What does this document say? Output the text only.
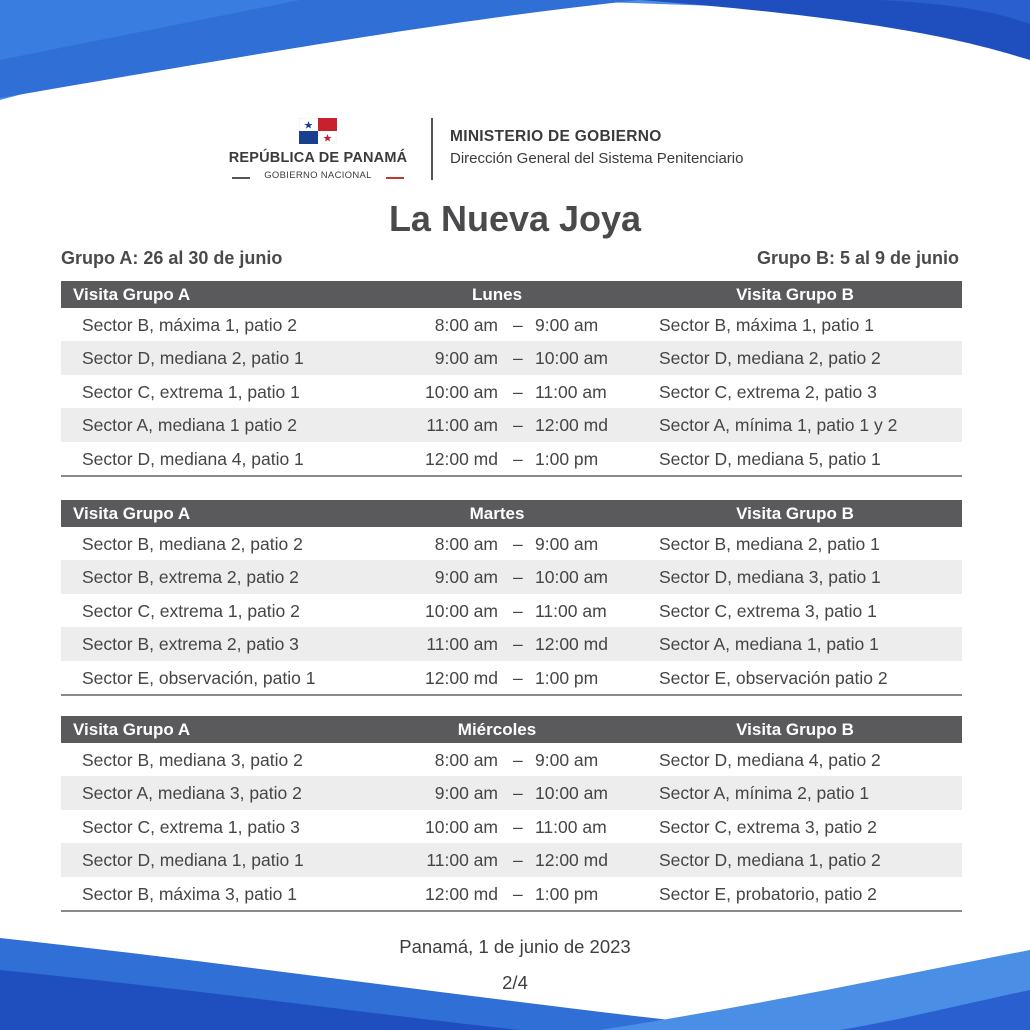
REPÚBLICA DE PANAMÁ
GOBIERNO NACIONAL
MINISTERIO DE GOBIERNO
Dirección General del Sistema Penitenciario
La Nueva Joya
Grupo A: 26 al 30 de junio	Grupo B: 5 al 9 de junio
Visita Grupo A	Lunes	Visita Grupo B
Sector B, máxima 1, patio 2	8:00 am – 9:00 am	Sector B, máxima 1, patio 1
Sector D, mediana 2, patio 1	9:00 am – 10:00 am	Sector D, mediana 2, patio 2
Sector C, extrema 1, patio 1	10:00 am – 11:00 am	Sector C, extrema 2, patio 3
Sector A, mediana 1 patio 2	11:00 am – 12:00 md	Sector A, mínima 1, patio 1 y 2
Sector D, mediana 4, patio 1	12:00 md – 1:00 pm	Sector D, mediana 5, patio 1
Visita Grupo A	Martes	Visita Grupo B
Sector B, mediana 2, patio 2	8:00 am – 9:00 am	Sector B, mediana 2, patio 1
Sector B, extrema 2, patio 2	9:00 am – 10:00 am	Sector D, mediana 3, patio 1
Sector C, extrema 1, patio 2	10:00 am – 11:00 am	Sector C, extrema 3, patio 1
Sector B, extrema 2, patio 3	11:00 am – 12:00 md	Sector A, mediana 1, patio 1
Sector E, observación, patio 1	12:00 md – 1:00 pm	Sector E, observación patio 2
Visita Grupo A	Miércoles	Visita Grupo B
Sector B, mediana 3, patio 2	8:00 am – 9:00 am	Sector D, mediana 4, patio 2
Sector A, mediana 3, patio 2	9:00 am – 10:00 am	Sector A, mínima 2, patio 1
Sector C, extrema 1, patio 3	10:00 am – 11:00 am	Sector C, extrema 3, patio 2
Sector D, mediana 1, patio 1	11:00 am – 12:00 md	Sector D, mediana 1, patio 2
Sector B, máxima 3, patio 1	12:00 md – 1:00 pm	Sector E, probatorio, patio 2
Panamá, 1 de junio de 2023
2/4
